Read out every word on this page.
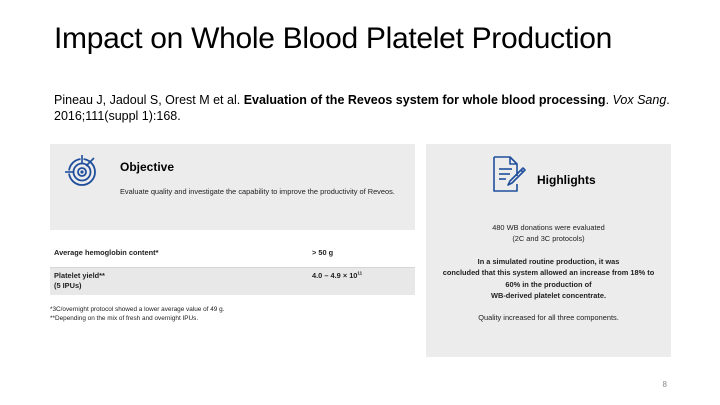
Impact on Whole Blood Platelet Production
Pineau J, Jadoul S, Orest M et al. Evaluation of the Reveos system for whole blood processing. Vox Sang. 2016;111(suppl 1):168.
Objective
Evaluate quality and investigate the capability to improve the productivity of Reveos.
Average hemoglobin content*	> 50 g

Platelet yield**
(5 IPUs)	$4.0 - 4.9 \times 10^{11}$
*3C/overnight protocol showed a lower average value of 49 g.
**Depending on the mix of fresh and overnight IPUs.
Highlights

480 WB donations were evaluated

(2C and 3C protocols)

In a simulated routine production, it was

concluded that this system allowed an increase from 18% to

60% in the production of

WB-derived platelet concentrate.

Quality increased for all three components.

8
